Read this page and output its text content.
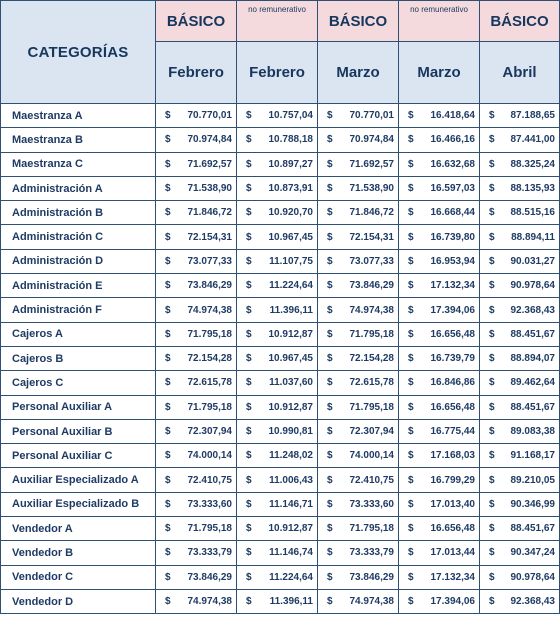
CATEGORÍAS	BÁSICO	no remunerativo	BÁSICO	no remunerativo	BÁSICO
	Febrero	Febrero	Marzo	Marzo	Abril
Maestranza A	$ 70.770,01	$ 10.757,04	$ 70.770,01	$ 16.418,64	$ 87.188,65

Maestranza B	$ 70.974,84	$ 10.788,18	$ 70.974,84	$ 16.466,16	$ 87.441,00

Maestranza C	$ 71.692,57	$ 10.897,27	$ 71.692,57	$ 16.632,68	$ 88.325,24

Administración A	$ 71.538,90	$ 10.873,91	$ 71.538,90	$ 16.597,03	$ 88.135,93

Administración B	$ 71.846,72	$ 10.920,70	$ 71.846,72	$ 16.668,44	$ 88.515,16

Administración C	$ 72.154,31	$ 10.967,45	$ 72.154,31	$ 16.739,80	$ 88.894,11

Administración D	$ 73.077,33	$ 11.107,75	$ 73.077,33	$ 16.953,94	$ 90.031,27

Administración E	$ 73.846,29	$ 11.224,64	$ 73.846,29	$ 17.132,34	$ 90.978,64

Administración F	$ 74.974,38	$ 11.396,11	$ 74.974,38	$ 17.394,06	$ 92.368,43

Cajeros A	$ 71.795,18	$ 10.912,87	$ 71.795,18	$ 16.656,48	$ 88.451,67

Cajeros B	$ 72.154,28	$ 10.967,45	$ 72.154,28	$ 16.739,79	$ 88.894,07

Cajeros C	$ 72.615,78	$ 11.037,60	$ 72.615,78	$ 16.846,86	$ 89.462,64

Personal Auxiliar A	$ 71.795,18	$ 10.912,87	$ 71.795,18	$ 16.656,48	$ 88.451,67

Personal Auxiliar B	$ 72.307,94	$ 10.990,81	$ 72.307,94	$ 16.775,44	$ 89.083,38

Personal Auxiliar C	$ 74.000,14	$ 11.248,02	$ 74.000,14	$ 17.168,03	$ 91.168,17

Auxiliar Especializado A	$ 72.410,75	$ 11.006,43	$ 72.410,75	$ 16.799,29	$ 89.210,05

Auxiliar Especializado B	$ 73.333,60	$ 11.146,71	$ 73.333,60	$ 17.013,40	$ 90.346,99

Vendedor A	$ 71.795,18	$ 10.912,87	$ 71.795,18	$ 16.656,48	$ 88.451,67

Vendedor B	$ 73.333,79	$ 11.146,74	$ 73.333,79	$ 17.013,44	$ 90.347,24

Vendedor C	$ 73.846,29	$ 11.224,64	$ 73.846,29	$ 17.132,34	$ 90.978,64

Vendedor D	$ 74.974,38	$ 11.396,11	$ 74.974,38	$ 17.394,06	$ 92.368,43
